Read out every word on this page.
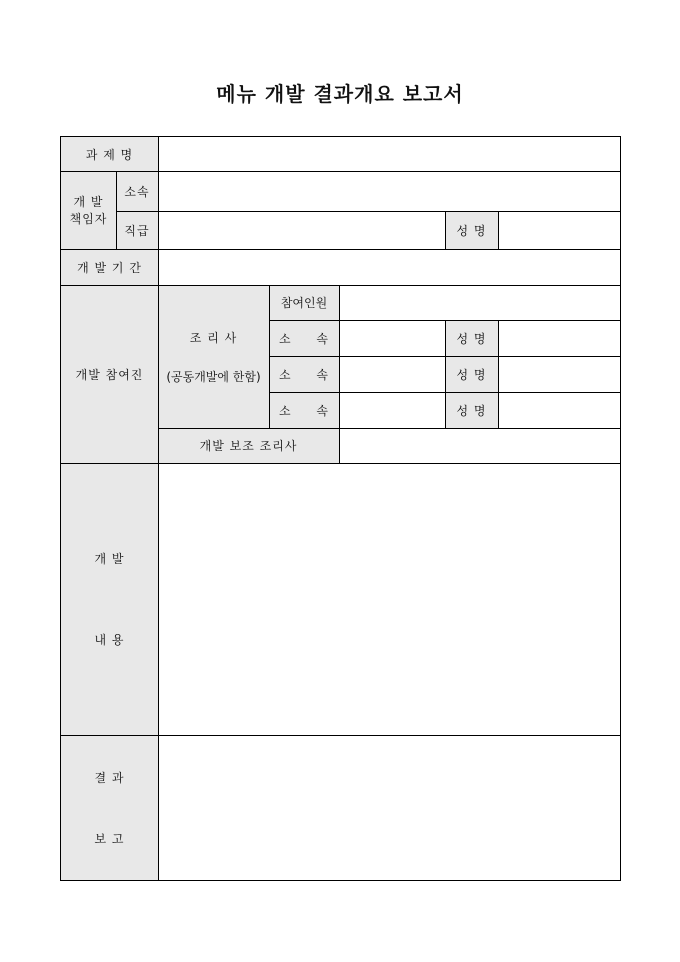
메뉴 개발 결과개요 보고서
과 제 명
개 발
책임자
소속
직급	성 명
개 발 기 간
개발 참여진
조 리 사
(공동개발에 한함)
참여인원
소 속
소 속
소 속
성 명
성 명
성 명
개발 보조 조리사
개 발
내 용
결 과
보 고
